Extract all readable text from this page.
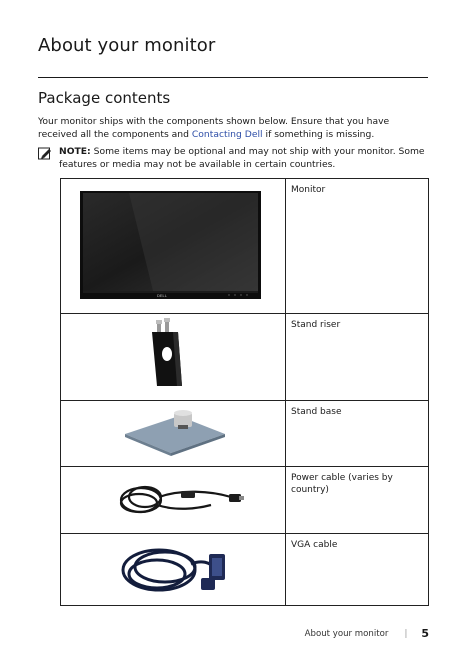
About your monitor
Package contents
Your monitor ships with the components shown below. Ensure that you have received all the components and Contacting Dell if something is missing.
NOTE: Some items may be optional and may not ship with your monitor. Some features or media may not be available in certain countries.
DELL	Monitor

	Stand riser

	Stand base

	Power cable (varies by country)

	VGA cable
About your monitor | 5
